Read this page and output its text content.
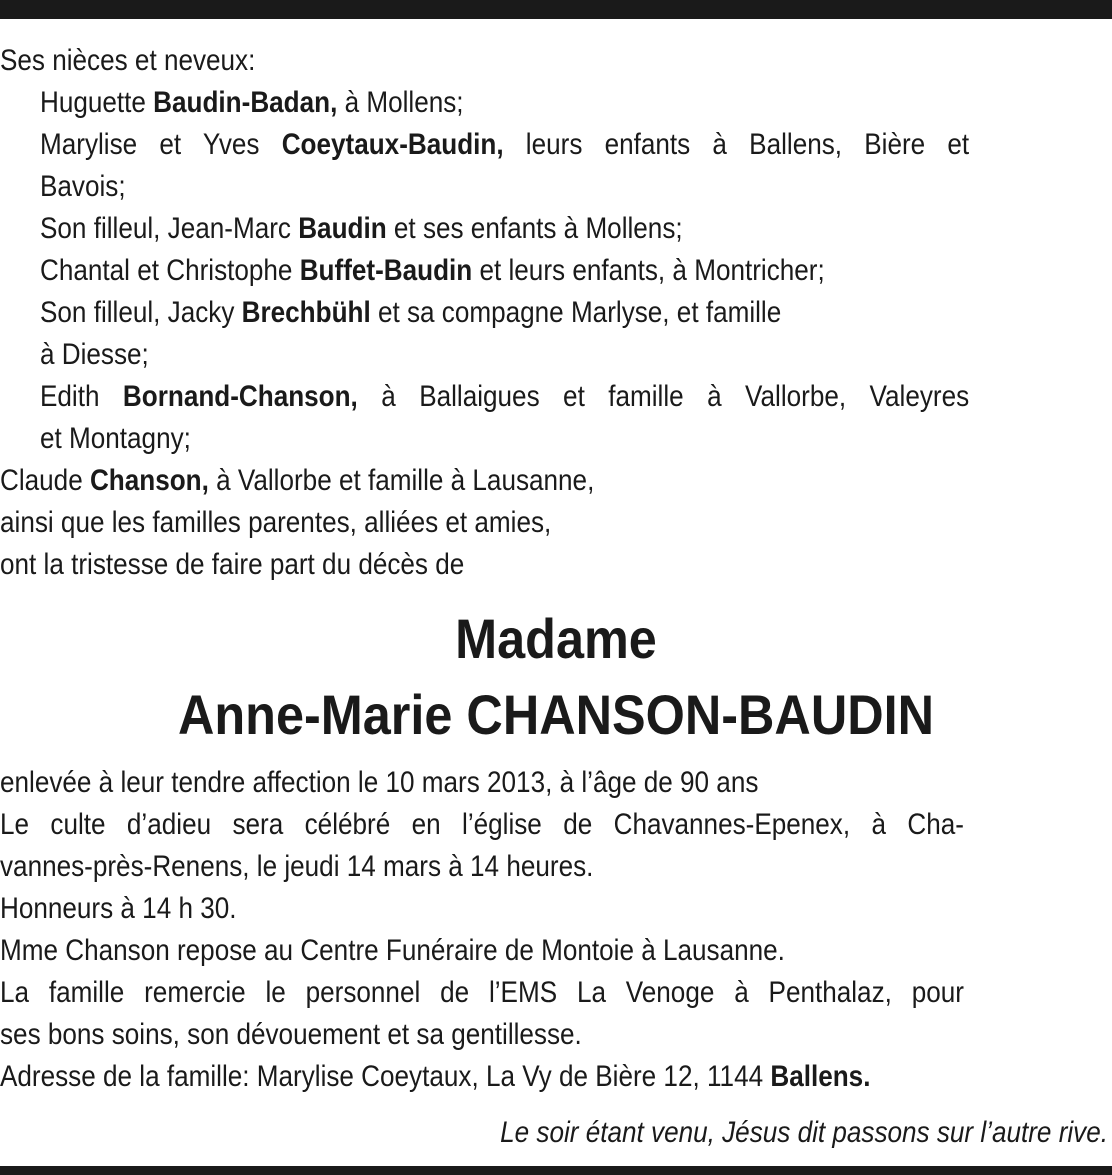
Ses nièces et neveux:

Huguette Baudin-Badan, à Mollens;

Marylise et Yves Coeytaux-Baudin, leurs enfants à Ballens, Bière et

Bavois;

Son filleul, Jean-Marc Baudin et ses enfants à Mollens;

Chantal et Christophe Buffet-Baudin et leurs enfants, à Montricher;

Son filleul, Jacky Brechbühl et sa compagne Marlyse, et famille

à Diesse;

Edith Bornand-Chanson, à Ballaigues et famille à Vallorbe, Valeyres

et Montagny;

Claude Chanson, à Vallorbe et famille à Lausanne,

ainsi que les familles parentes, alliées et amies,

ont la tristesse de faire part du décès de

Madame
Anne-Marie CHANSON-BAUDIN

enlevée à leur tendre affection le 10 mars 2013, à l’âge de 90 ans

Le culte d’adieu sera célébré en l’église de Chavannes-Epenex, à Cha-

vannes-près-Renens, le jeudi 14 mars à 14 heures.

Honneurs à 14 h 30.

Mme Chanson repose au Centre Funéraire de Montoie à Lausanne.

La famille remercie le personnel de l’EMS La Venoge à Penthalaz, pour

ses bons soins, son dévouement et sa gentillesse.

Adresse de la famille: Marylise Coeytaux, La Vy de Bière 12, 1144 Ballens.

Le soir étant venu, Jésus dit passons sur l’autre rive.
